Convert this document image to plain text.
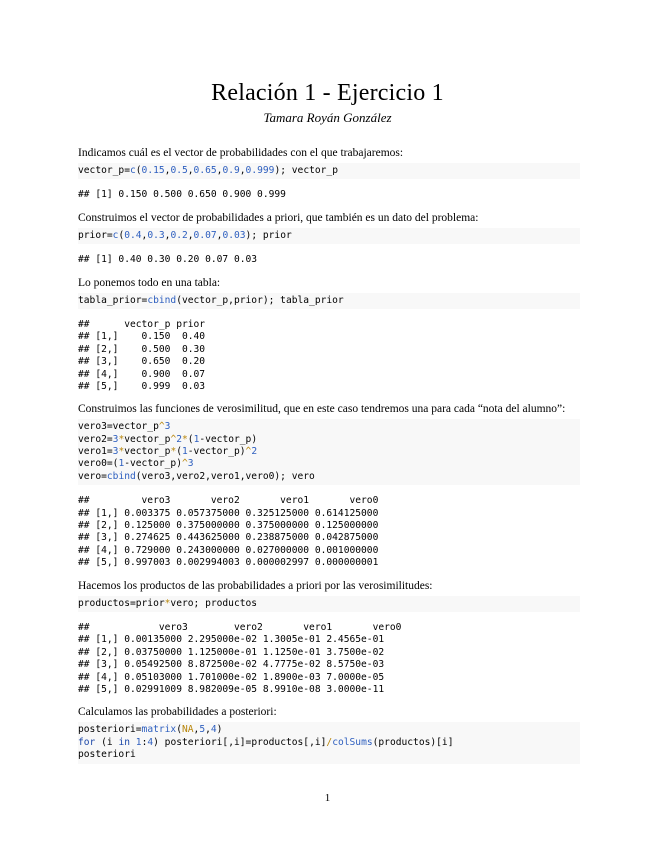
Relación 1 - Ejercicio 1
Tamara Royán González

Indicamos cuál es el vector de probabilidades con el que trabajaremos:

vector_p=c(0.15,0.5,0.65,0.9,0.999); vector_p
## [1] 0.150 0.500 0.650 0.900 0.999

Construimos el vector de probabilidades a priori, que también es un dato del problema:

prior=c(0.4,0.3,0.2,0.07,0.03); prior
## [1] 0.40 0.30 0.20 0.07 0.03

Lo ponemos todo en una tabla:

tabla_prior=cbind(vector_p,prior); tabla_prior
##      vector_p prior
## [1,]    0.150  0.40
## [2,]    0.500  0.30
## [3,]    0.650  0.20
## [4,]    0.900  0.07
## [5,]    0.999  0.03

Construimos las funciones de verosimilitud, que en este caso tendremos una para cada “nota del alumno”:

vero3=vector_p^3
vero2=3*vector_p^2*(1-vector_p)
vero1=3*vector_p*(1-vector_p)^2
vero0=(1-vector_p)^3
vero=cbind(vero3,vero2,vero1,vero0); vero
##         vero3       vero2       vero1       vero0
## [1,] 0.003375 0.057375000 0.325125000 0.614125000
## [2,] 0.125000 0.375000000 0.375000000 0.125000000
## [3,] 0.274625 0.443625000 0.238875000 0.042875000
## [4,] 0.729000 0.243000000 0.027000000 0.001000000
## [5,] 0.997003 0.002994003 0.000002997 0.000000001

Hacemos los productos de las probabilidades a priori por las verosimilitudes:

productos=prior*vero; productos
##            vero3        vero2       vero1       vero0
## [1,] 0.00135000 2.295000e-02 1.3005e-01 2.4565e-01
## [2,] 0.03750000 1.125000e-01 1.1250e-01 3.7500e-02
## [3,] 0.05492500 8.872500e-02 4.7775e-02 8.5750e-03
## [4,] 0.05103000 1.701000e-02 1.8900e-03 7.0000e-05
## [5,] 0.02991009 8.982009e-05 8.9910e-08 3.0000e-11

Calculamos las probabilidades a posteriori:

posteriori=matrix(NA,5,4)
for (i in 1:4) posteriori[,i]=productos[,i]/colSums(productos)[i]
posteriori
1
